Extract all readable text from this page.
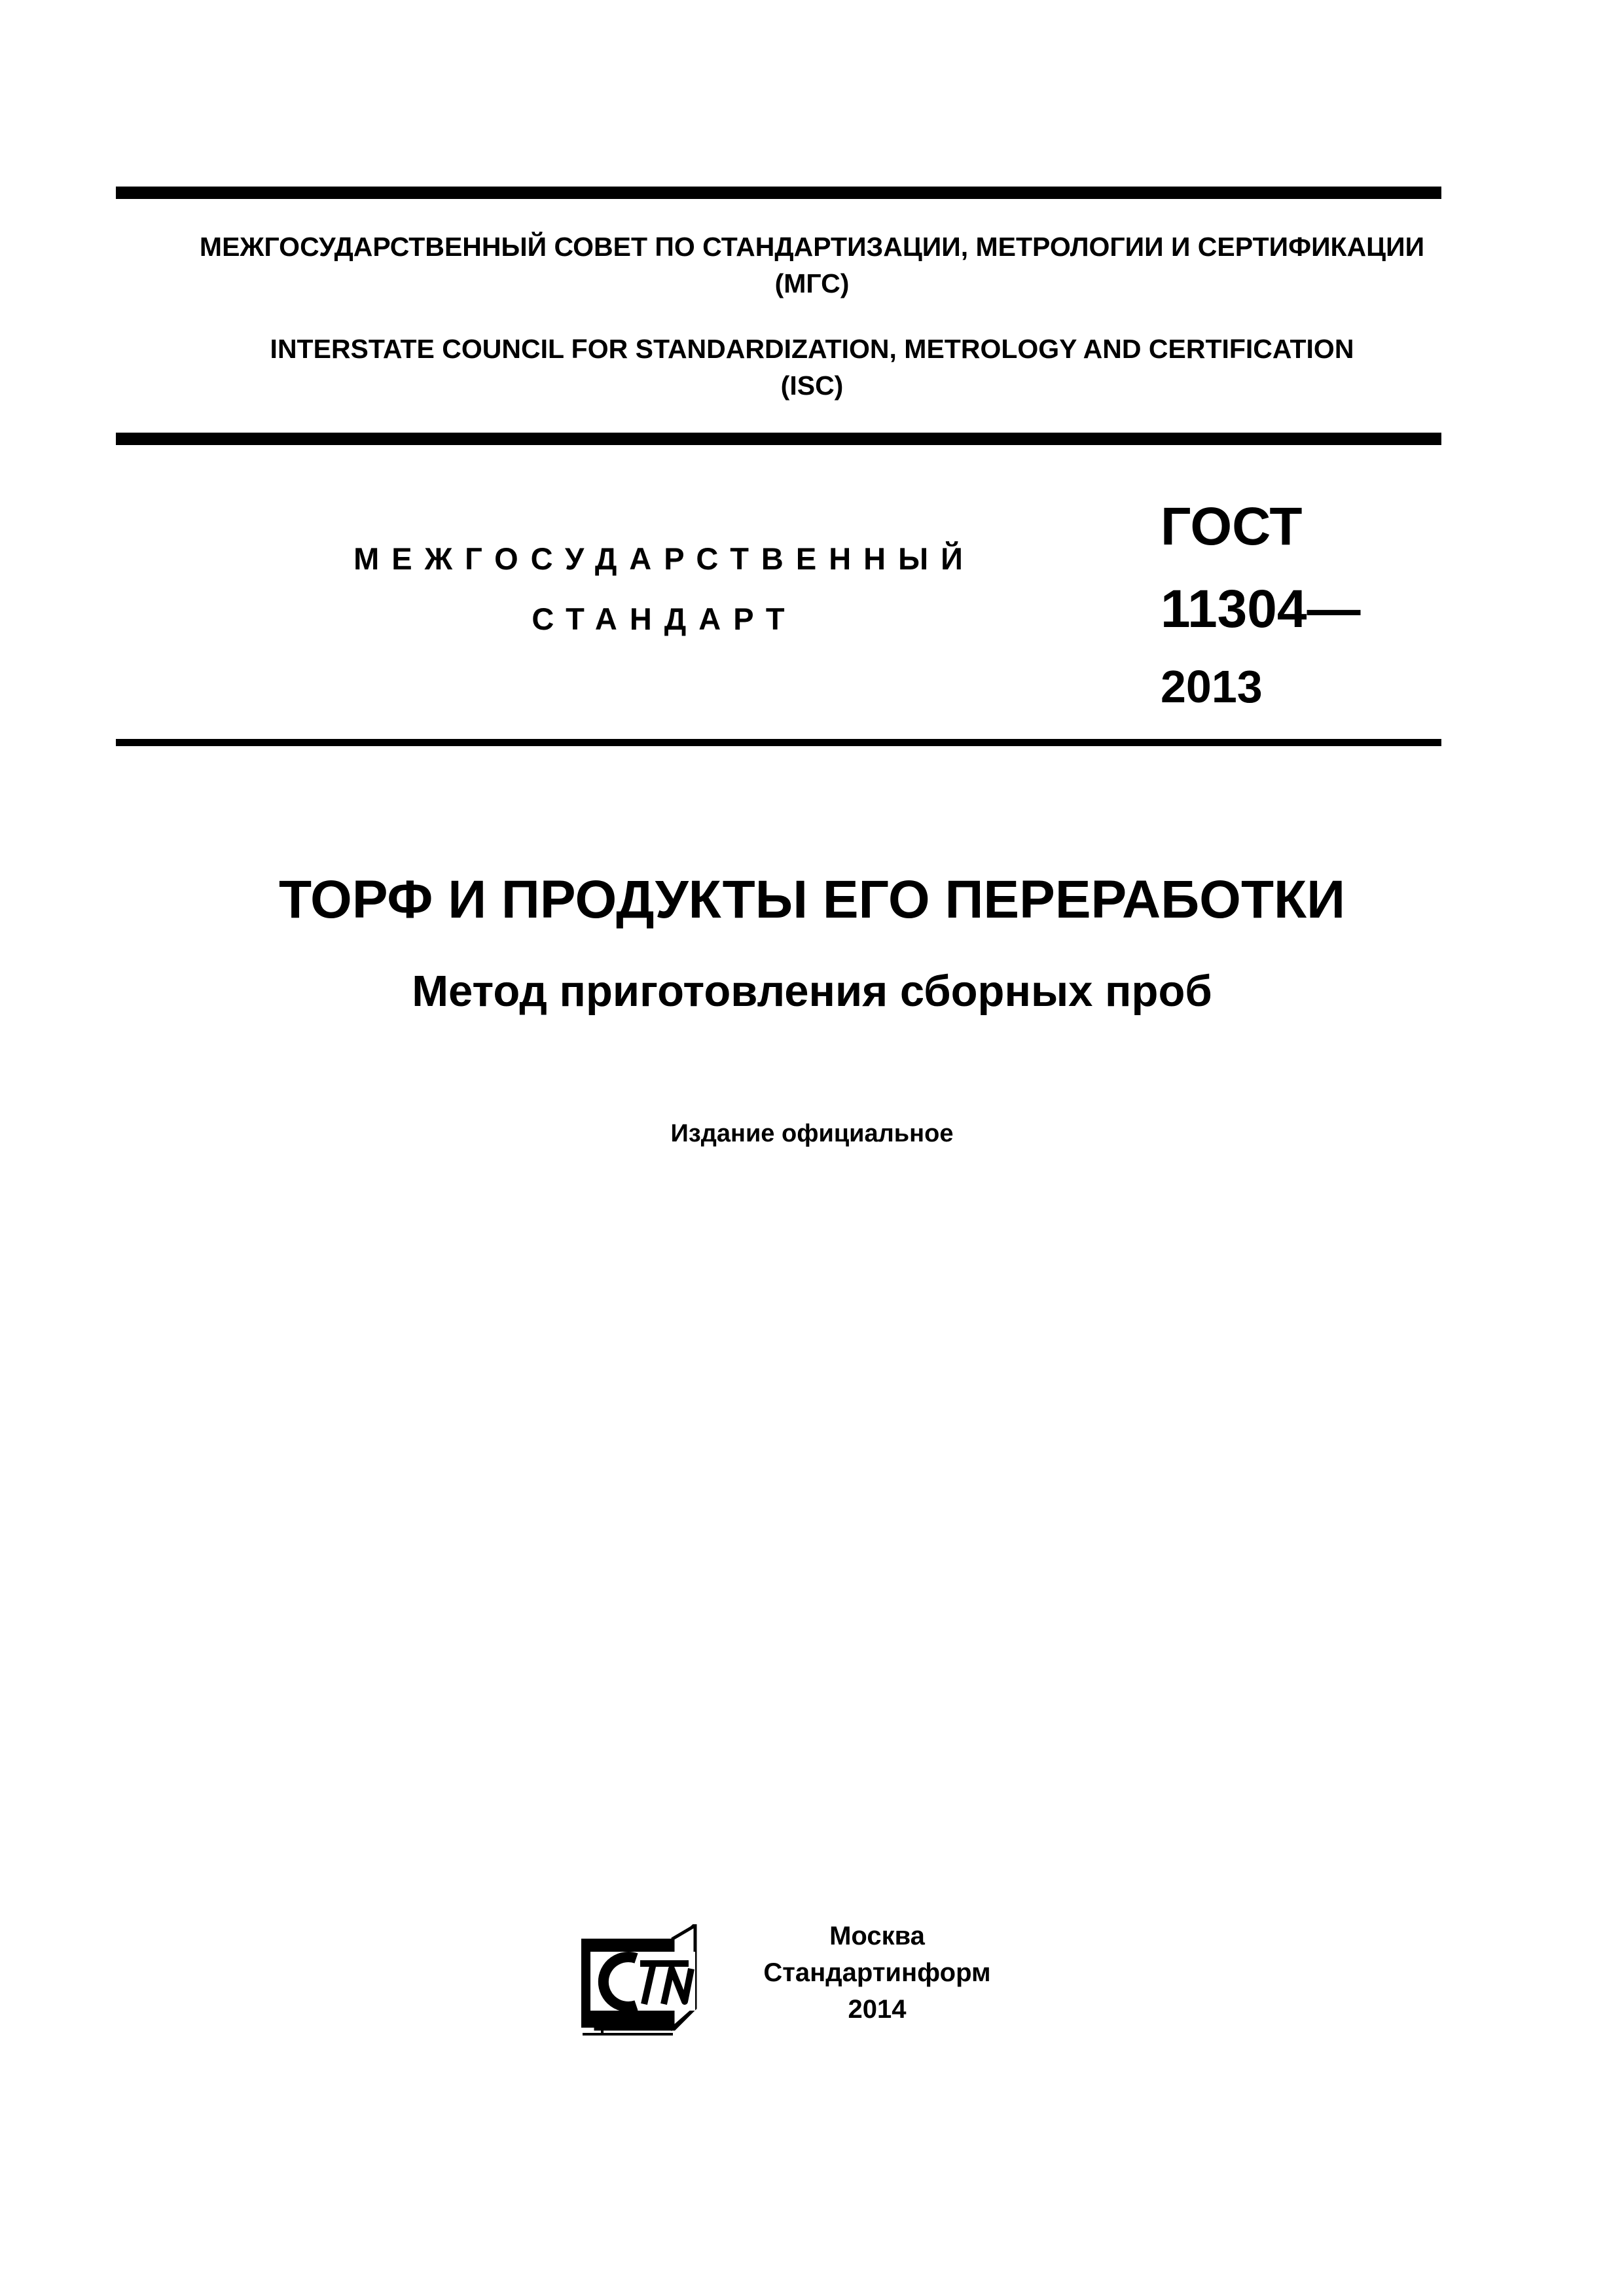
МЕЖГОСУДАРСТВЕННЫЙ СОВЕТ ПО СТАНДАРТИЗАЦИИ, МЕТРОЛОГИИ И СЕРТИФИКАЦИИ
(МГС)
INTERSTATE COUNCIL FOR STANDARDIZATION, METROLOGY AND CERTIFICATION
(ISC)
МЕЖГОСУДАРСТВЕННЫЙ
СТАНДАРТ
ГОСТ
11304—
2013
ТОРФ И ПРОДУКТЫ ЕГО ПЕРЕРАБОТКИ
Метод приготовления сборных проб
Издание официальное
Москва
Стандартинформ
2014
